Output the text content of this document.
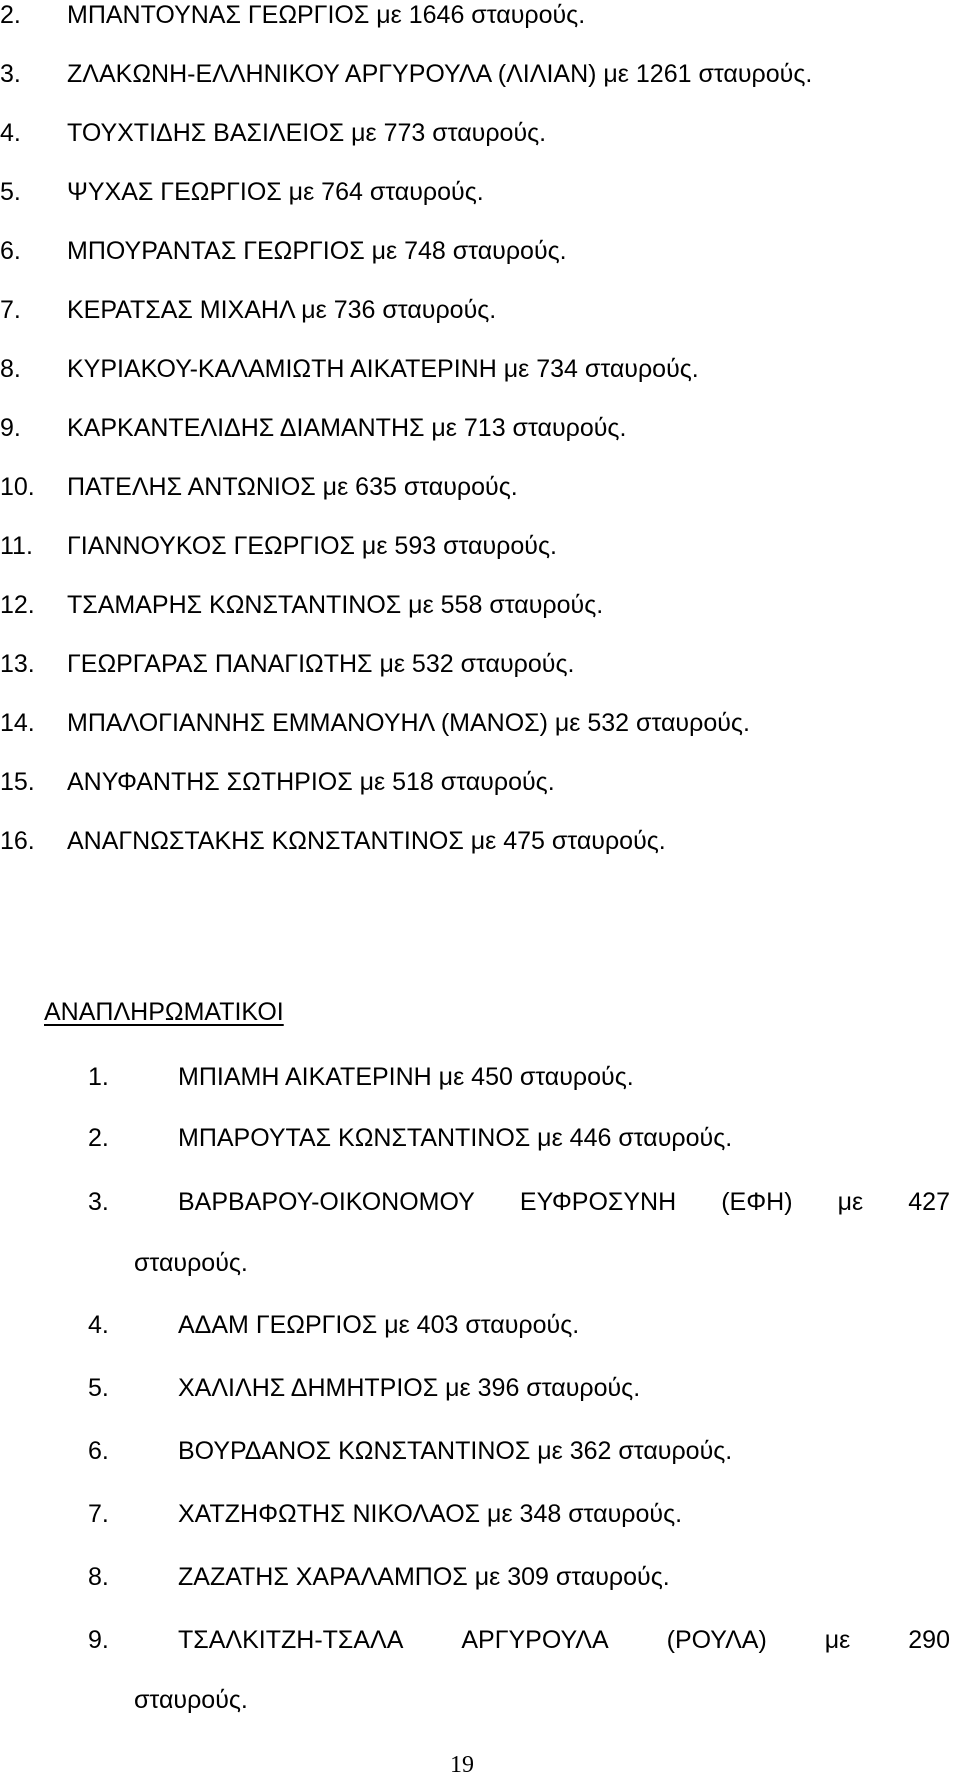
2. ΜΠΑΝΤΟΥΝΑΣ ΓΕΩΡΓΙΟΣ με 1646 σταυρούς.
3. ΖΛΑΚΩΝΗ-ΕΛΛΗΝΙΚΟΥ ΑΡΓΥΡΟΥΛΑ (ΛΙΛΙΑΝ) με 1261 σταυρούς.
4. ΤΟΥΧΤΙΔΗΣ ΒΑΣΙΛΕΙΟΣ με 773 σταυρούς.
5. ΨΥΧΑΣ ΓΕΩΡΓΙΟΣ με 764 σταυρούς.
6. ΜΠΟΥΡΑΝΤΑΣ ΓΕΩΡΓΙΟΣ με 748 σταυρούς.
7. ΚΕΡΑΤΣΑΣ ΜΙΧΑΗΛ με 736 σταυρούς.
8. ΚΥΡΙΑΚΟΥ-ΚΑΛΑΜΙΩΤΗ ΑΙΚΑΤΕΡΙΝΗ με 734 σταυρούς.
9. ΚΑΡΚΑΝΤΕΛΙΔΗΣ ΔΙΑΜΑΝΤΗΣ με 713 σταυρούς.
10. ΠΑΤΕΛΗΣ ΑΝΤΩΝΙΟΣ με 635 σταυρούς.
11. ΓΙΑΝΝΟΥΚΟΣ ΓΕΩΡΓΙΟΣ με 593 σταυρούς.
12. ΤΣΑΜΑΡΗΣ ΚΩΝΣΤΑΝΤΙΝΟΣ με 558 σταυρούς.
13. ΓΕΩΡΓΑΡΑΣ ΠΑΝΑΓΙΩΤΗΣ με 532 σταυρούς.
14. ΜΠΑΛΟΓΙΑΝΝΗΣ ΕΜΜΑΝΟΥΗΛ (ΜΑΝΟΣ) με 532 σταυρούς.
15. ΑΝΥΦΑΝΤΗΣ ΣΩΤΗΡΙΟΣ με 518 σταυρούς.
16. ΑΝΑΓΝΩΣΤΑΚΗΣ ΚΩΝΣΤΑΝΤΙΝΟΣ με 475 σταυρούς.
ΑΝΑΠΛΗΡΩΜΑΤΙΚΟΙ
1.	ΜΠΙΑΜΗ ΑΙΚΑΤΕΡΙΝΗ με 450 σταυρούς.
2.	ΜΠΑΡΟΥΤΑΣ ΚΩΝΣΤΑΝΤΙΝΟΣ με 446 σταυρούς.
3.	ΒΑΡΒΑΡΟΥ-ΟΙΚΟΝΟΜΟΥ ΕΥΦΡΟΣΥΝΗ (ΕΦΗ) με 427
σταυρούς.
4.	ΑΔΑΜ ΓΕΩΡΓΙΟΣ με 403 σταυρούς.
5.	ΧΑΛΙΛΗΣ ΔΗΜΗΤΡΙΟΣ με 396 σταυρούς.
6.	ΒΟΥΡΔΑΝΟΣ ΚΩΝΣΤΑΝΤΙΝΟΣ με 362 σταυρούς.
7.	ΧΑΤΖΗΦΩΤΗΣ ΝΙΚΟΛΑΟΣ με 348 σταυρούς.
8.	ΖΑΖΑΤΗΣ ΧΑΡΑΛΑΜΠΟΣ με 309 σταυρούς.
9.	ΤΣΑΛΚΙΤΖΗ-ΤΣΑΛΑ ΑΡΓΥΡΟΥΛΑ (ΡΟΥΛΑ) με 290
σταυρούς.
19
